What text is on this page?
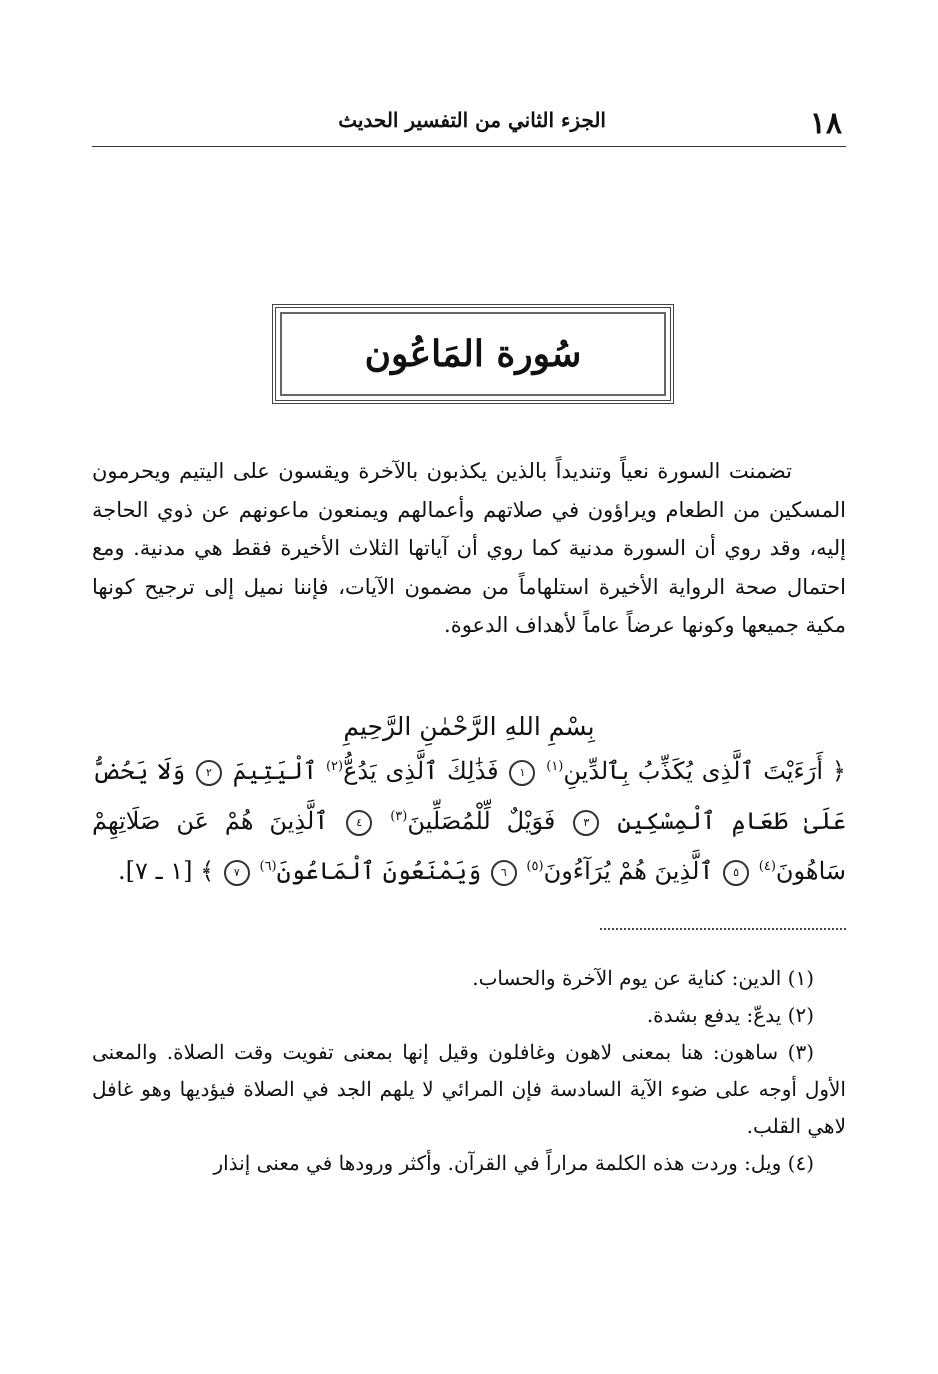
١٨
الجزء الثاني من التفسير الحديث
سُورة المَاعُون
تضمنت السورة نعياً وتنديداً بالذين يكذبون بالآخرة ويقسون على اليتيم ويحرمون المسكين من الطعام ويراؤون في صلاتهم وأعمالهم ويمنعون ماعونهم عن ذوي الحاجة إليه، وقد روي أن السورة مدنية كما روي أن آياتها الثلاث الأخيرة فقط هي مدنية. ومع احتمال صحة الرواية الأخيرة استلهاماً من مضمون الآيات، فإننا نميل إلى ترجيح كونها مكية جميعها وكونها عرضاً عاماً لأهداف الدعوة.
بِسْمِ اللهِ الرَّحْمٰنِ الرَّحِيمِ
﴿ أَرَءَيْتَ ٱلَّذِى يُكَذِّبُ بِٱلدِّينِ$^{(١)}$ ١ فَذَٰلِكَ ٱلَّذِى يَدُعُّ$^{(٢)}$ ٱلْيَتِيمَ ٢ وَلَا يَحُضُّ عَلَىٰ طَعَامِ ٱلْمِسْكِينِ ٣ فَوَيْلٌ لِّلْمُصَلِّينَ$^{(٣)}$ ٤ ٱلَّذِينَ هُمْ عَن صَلَاتِهِمْ سَاهُونَ$^{(٤)}$ ٥ ٱلَّذِينَ هُمْ يُرَآءُونَ$^{(٥)}$ ٦ وَيَمْنَعُونَ ٱلْمَاعُونَ$^{(٦)}$ ٧ ﴾ [١ ـ ٧].

(١) الدين: كناية عن يوم الآخرة والحساب.

(٢) يدعّ: يدفع بشدة.

(٣) ساهون: هنا بمعنى لاهون وغافلون وقيل إنها بمعنى تفويت وقت الصلاة. والمعنى الأول أوجه على ضوء الآية السادسة فإن المرائي لا يلهم الجد في الصلاة فيؤديها وهو غافل لاهي القلب.

(٤) ويل: وردت هذه الكلمة مراراً في القرآن. وأكثر ورودها في معنى إنذار
